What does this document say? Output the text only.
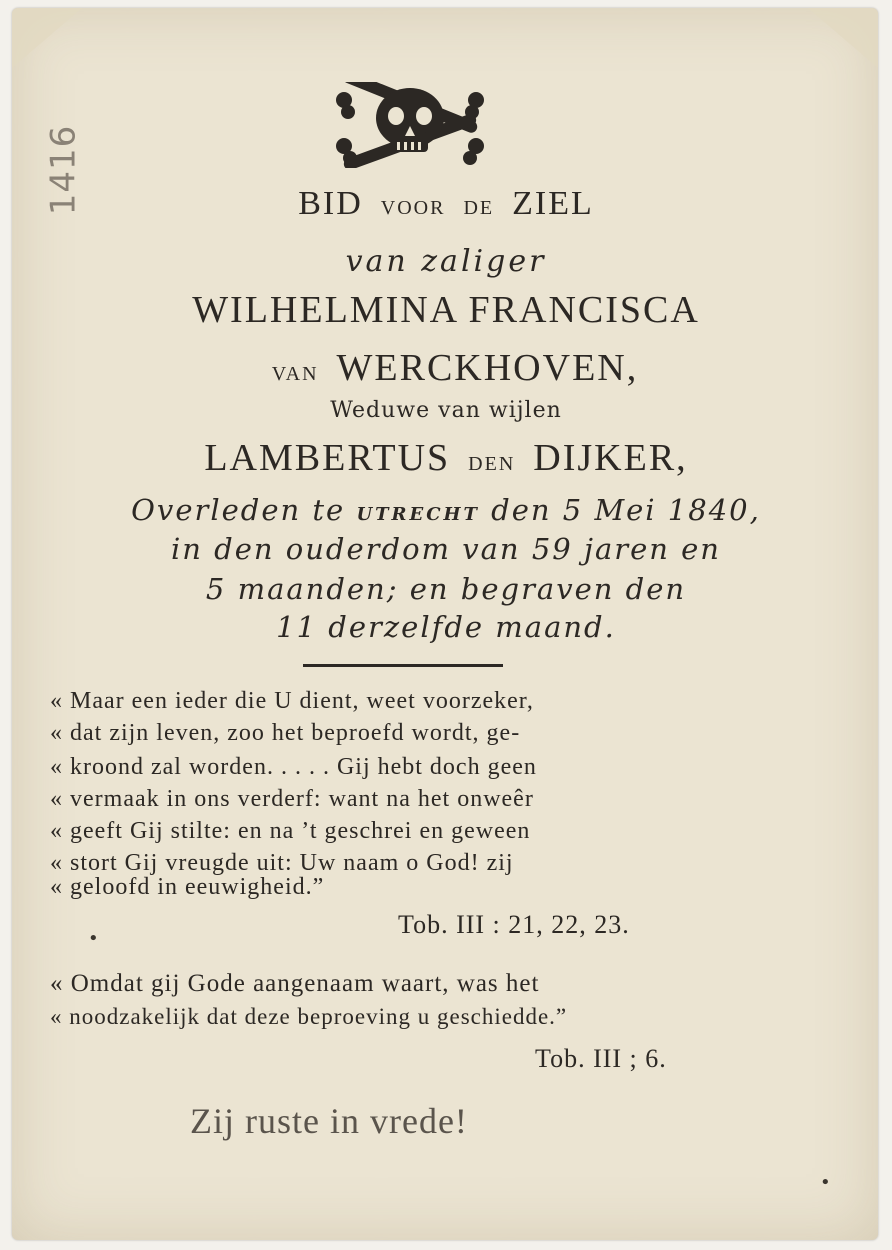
1416	BID VOOR DE ZIEL
van zaliger
WILHELMINA FRANCISCA
VAN WERCKHOVEN,
Weduwe van wijlen
LAMBERTUS DEN DIJKER,
Overleden te UTRECHT den 5 Mei 1840,
in den ouderdom van 59 jaren en
5 maanden; en begraven den
11 derzelfde maand.
« Maar een ieder die U dient, weet voorzeker,
« dat zijn leven, zoo het beproefd wordt, ge-
« kroond zal worden. . . . . Gij hebt doch geen
« vermaak in ons verderf: want na het onweêr
« geeft Gij stilte: en na ’t geschrei en geween
« stort Gij vreugde uit: Uw naam o God! zij
« geloofd in eeuwigheid.”
Tob. III : 21, 22, 23.
« Omdat gij Gode aangenaam waart, was het
« noodzakelijk dat deze beproeving u geschiedde.”
Tob. III ; 6.
Zij ruste in vrede!
•
•
